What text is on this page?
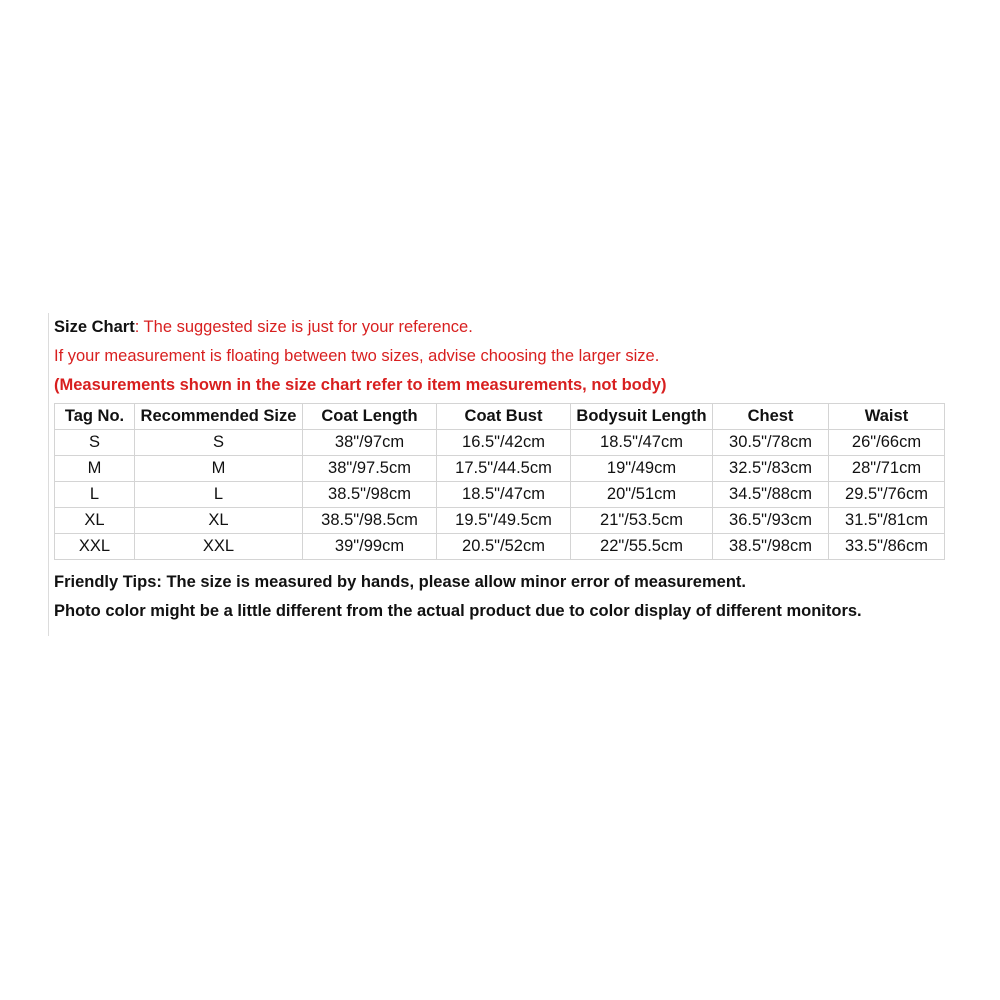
Size Chart: The suggested size is just for your reference.
If your measurement is floating between two sizes, advise choosing the larger size.
(Measurements shown in the size chart refer to item measurements, not body)
Tag No.	Recommended Size	Coat Length	Coat Bust	Bodysuit Length	Chest	Waist
S	S	38"/97cm	16.5"/42cm	18.5"/47cm	30.5"/78cm	26"/66cm
M	M	38"/97.5cm	17.5"/44.5cm	19"/49cm	32.5"/83cm	28"/71cm
L	L	38.5"/98cm	18.5"/47cm	20"/51cm	34.5"/88cm	29.5"/76cm
XL	XL	38.5"/98.5cm	19.5"/49.5cm	21"/53.5cm	36.5"/93cm	31.5"/81cm
XXL	XXL	39"/99cm	20.5"/52cm	22"/55.5cm	38.5"/98cm	33.5"/86cm
Friendly Tips: The size is measured by hands, please allow minor error of measurement.
Photo color might be a little different from the actual product due to color display of different monitors.
